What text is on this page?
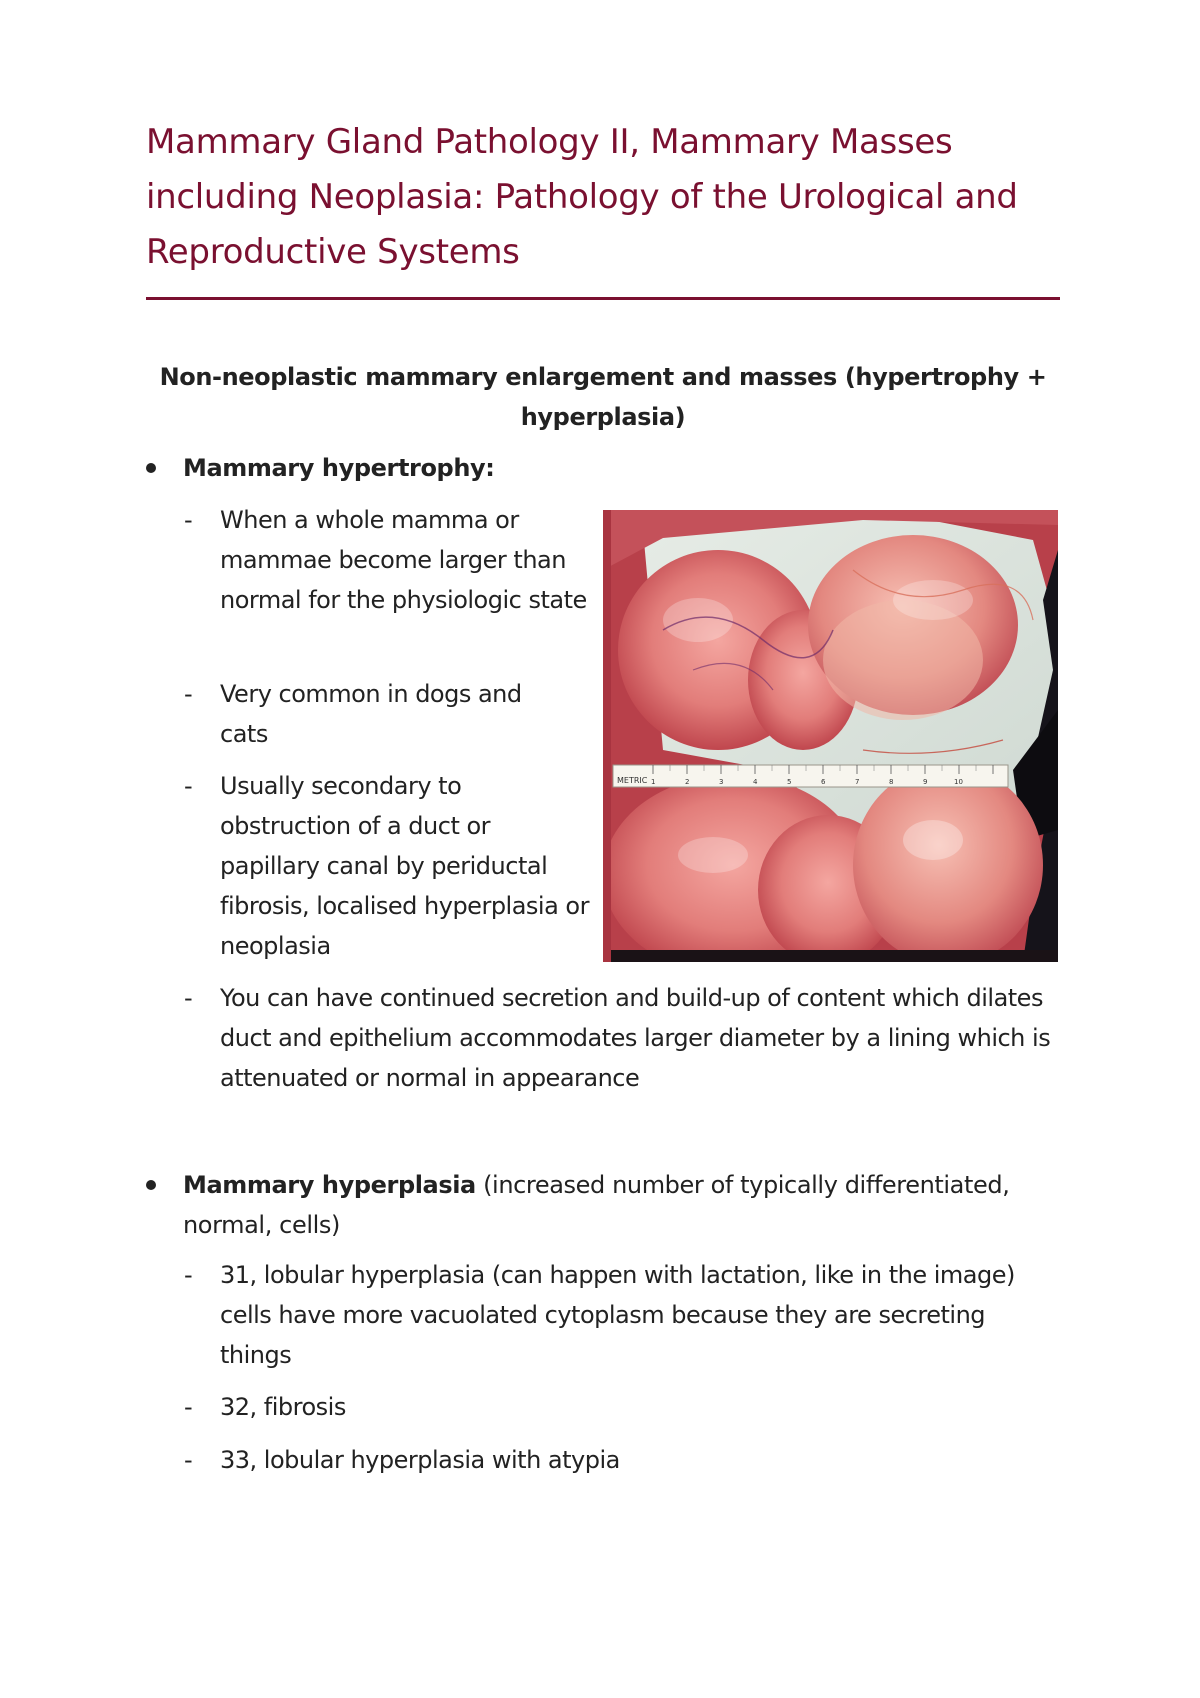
Mammary Gland Pathology II, Mammary Masses including Neoplasia: Pathology of the Urological and Reproductive Systems
Non-neoplastic mammary enlargement and masses (hypertrophy + hyperplasia)
Mammary hypertrophy:
- When a whole mamma or mammae become larger than normal for the physiologic state
- Very common in dogs and cats
- Usually secondary to obstruction of a duct or papillary canal by periductal fibrosis, localised hyperplasia or neoplasia
- You can have continued secretion and build-up of content which dilates duct and epithelium accommodates larger diameter by a lining which is attenuated or normal in appearance
METRIC 1	2	3	4	5	6	7	8	9	10
Mammary hyperplasia (increased number of typically differentiated, normal, cells)
- 31, lobular hyperplasia (can happen with lactation, like in the image) cells have more vacuolated cytoplasm because they are secreting things
- 32, fibrosis
- 33, lobular hyperplasia with atypia
